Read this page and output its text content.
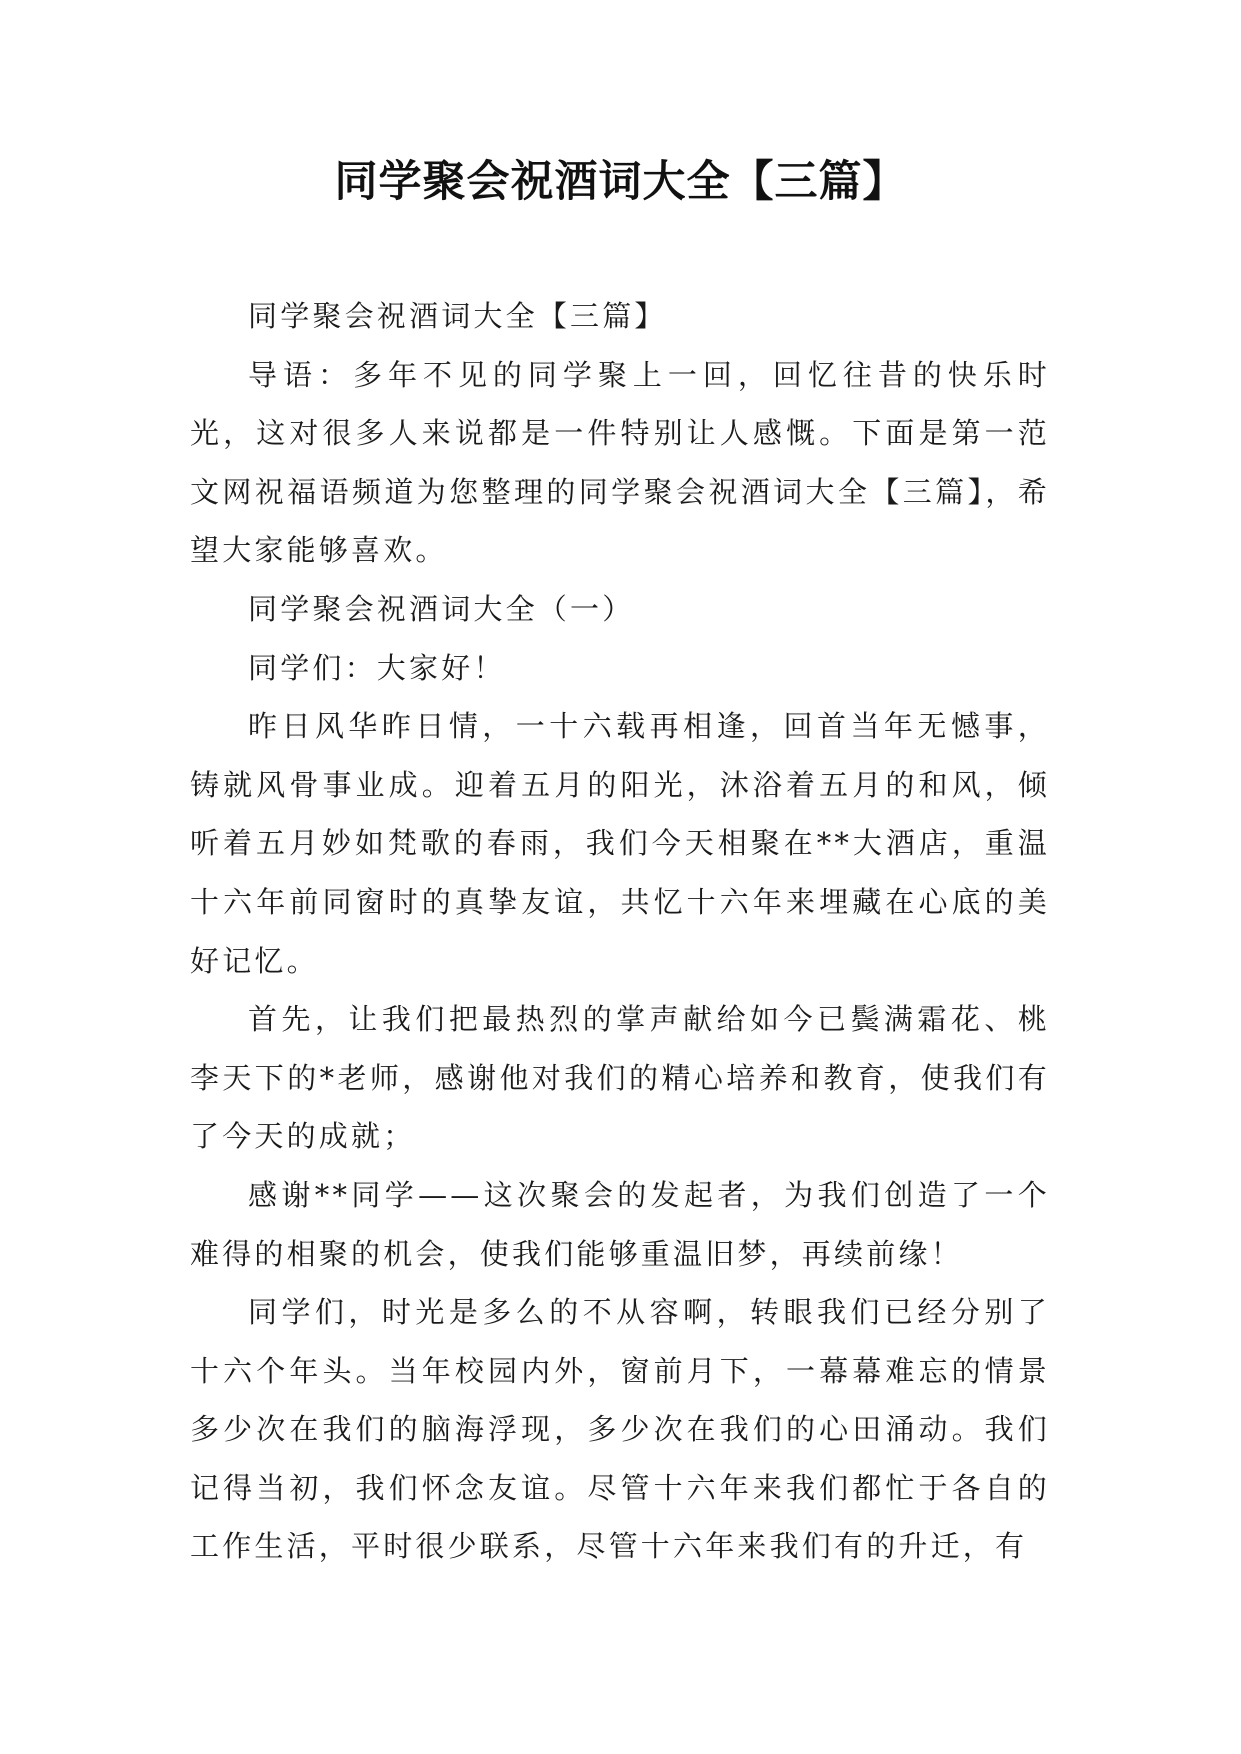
同学聚会祝酒词大全【三篇】

同学聚会祝酒词大全【三篇】

导语：多年不见的同学聚上一回，回忆往昔的快乐时光，这对很多人来说都是一件特别让人感慨。下面是第一范文网祝福语频道为您整理的同学聚会祝酒词大全【三篇】，希望大家能够喜欢。

同学聚会祝酒词大全（一）

同学们：大家好！

昨日风华昨日情，一十六载再相逢，回首当年无憾事，铸就风骨事业成。迎着五月的阳光，沐浴着五月的和风，倾听着五月妙如梵歌的春雨，我们今天相聚在**大酒店，重温十六年前同窗时的真挚友谊，共忆十六年来埋藏在心底的美好记忆。

首先，让我们把最热烈的掌声献给如今已鬓满霜花、桃李天下的*老师，感谢他对我们的精心培养和教育，使我们有了今天的成就；

感谢**同学——这次聚会的发起者，为我们创造了一个难得的相聚的机会，使我们能够重温旧梦，再续前缘！

同学们，时光是多么的不从容啊，转眼我们已经分别了十六个年头。当年校园内外，窗前月下，一幕幕难忘的情景多少次在我们的脑海浮现，多少次在我们的心田涌动。我们记得当初，我们怀念友谊。尽管十六年来我们都忙于各自的工作生活，平时很少联系，尽管十六年来我们有的升迁，有
